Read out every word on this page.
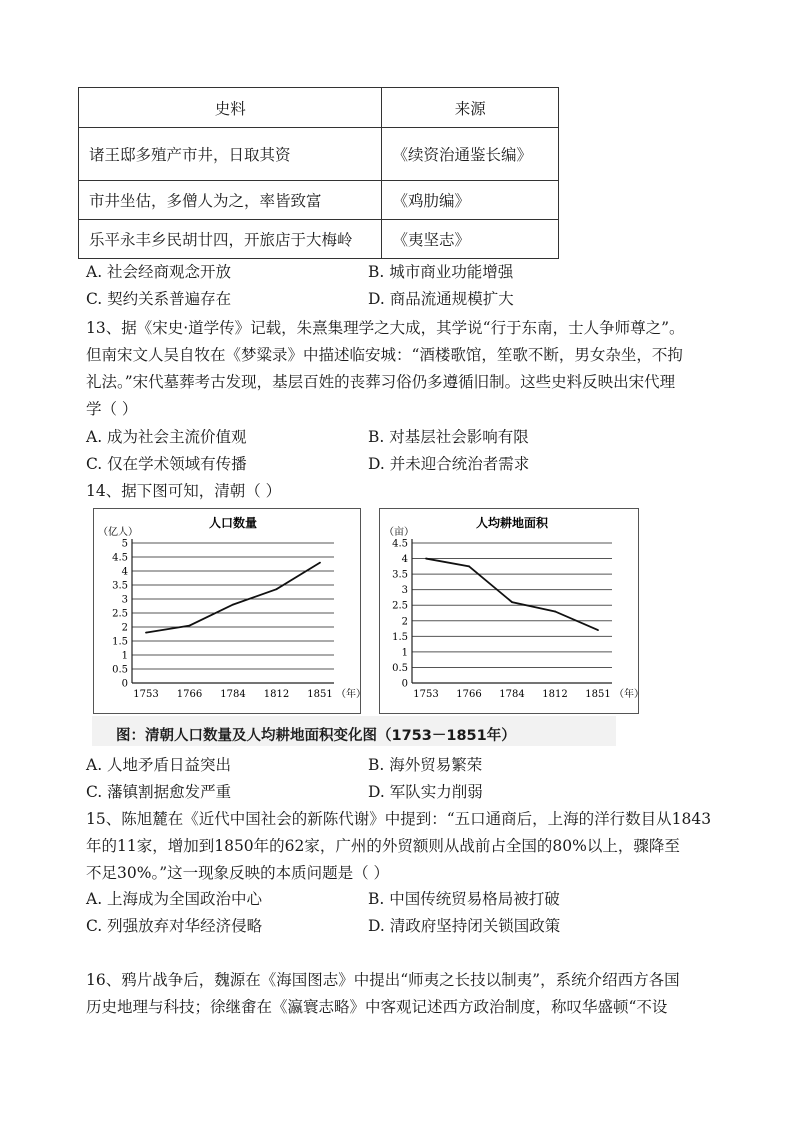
史料	来源
诸王邸多殖产市井，日取其资	《续资治通鉴长编》
市井坐估，多僧人为之，率皆致富	《鸡肋编》
乐平永丰乡民胡廿四，开旅店于大梅岭	《夷坚志》
A. 社会经商观念开放	B. 城市商业功能增强
C. 契约关系普遍存在	D. 商品流通规模扩大
13、据《宋史·道学传》记载，朱熹集理学之大成，其学说“行于东南，士人争师尊之”。
但南宋文人吴自牧在《梦粱录》中描述临安城：“酒楼歌馆，笙歌不断，男女杂坐，不拘
礼法。”宋代墓葬考古发现，基层百姓的丧葬习俗仍多遵循旧制。这些史料反映出宋代理
学（ ）
A. 成为社会主流价值观	B. 对基层社会影响有限
C. 仅在学术领域有传播	D. 并未迎合统治者需求
14、据下图可知，清朝（ ）
人口数量
（亿人）
0
0.5
1
1.5
2
2.5
3
3.5
4
4.5
5
1753 1766 1784 1812 1851 （年）
人均耕地面积
（亩）
0
0.5
1
1.5
2
2.5
3
3.5
4
4.5
1753 1766 1784 1812 1851 （年）
图：清朝人口数量及人均耕地面积变化图（1753－1851年）
A. 人地矛盾日益突出	B. 海外贸易繁荣
C. 藩镇割据愈发严重	D. 军队实力削弱
15、陈旭麓在《近代中国社会的新陈代谢》中提到：“五口通商后，上海的洋行数目从1843
年的11家，增加到1850年的62家，广州的外贸额则从战前占全国的80%以上，骤降至
不足30%。”这一现象反映的本质问题是（ ）
A. 上海成为全国政治中心	B. 中国传统贸易格局被打破
C. 列强放弃对华经济侵略	D. 清政府坚持闭关锁国政策
16、鸦片战争后，魏源在《海国图志》中提出“师夷之长技以制夷”，系统介绍西方各国
历史地理与科技；徐继畬在《瀛寰志略》中客观记述西方政治制度，称叹华盛顿“不设
